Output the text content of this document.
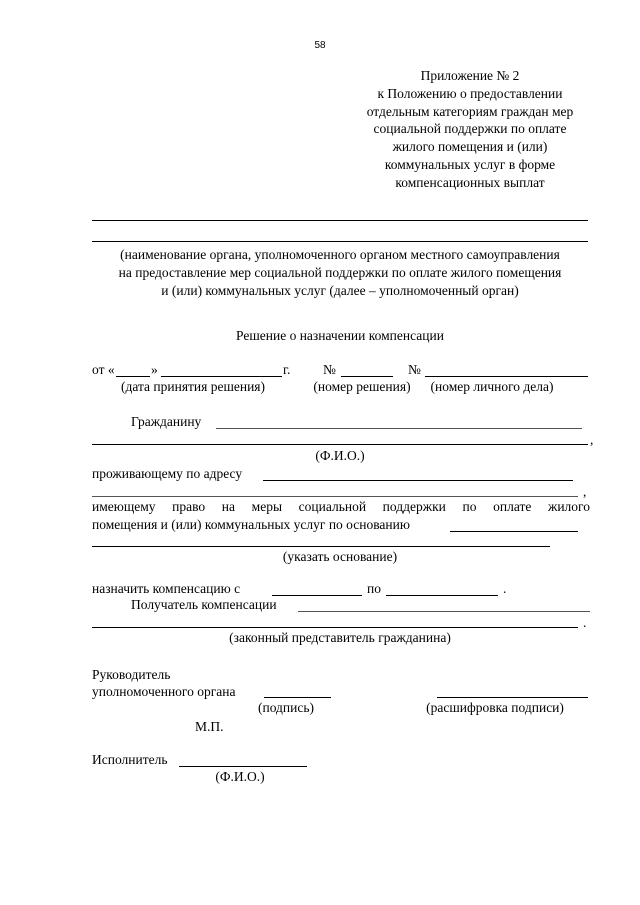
58
Приложение № 2
к Положению о предоставлении
отдельным категориям граждан мер
социальной поддержки по оплате
жилого помещения и (или)
коммунальных услуг в форме
компенсационных выплат
(наименование органа, уполномоченного органом местного самоуправления
на предоставление мер социальной поддержки по оплате жилого помещения
и (или) коммунальных услуг (далее – уполномоченный орган)
Решение о назначении компенсации
от «	»	г. №	№
(дата принятия решения)	(номер решения)	(номер личного дела)
Гражданину
,
(Ф.И.О.)
проживающему по адресу
,
имеющему право на меры социальной поддержки по оплате жилого
помещения и (или) коммунальных услуг по основанию
(указать основание)
назначить компенсацию с	по	.
Получатель компенсации
.
(законный представитель гражданина)
Руководитель
уполномоченного органа
(подпись)	(расшифровка подписи)
М.П.
Исполнитель
(Ф.И.О.)
